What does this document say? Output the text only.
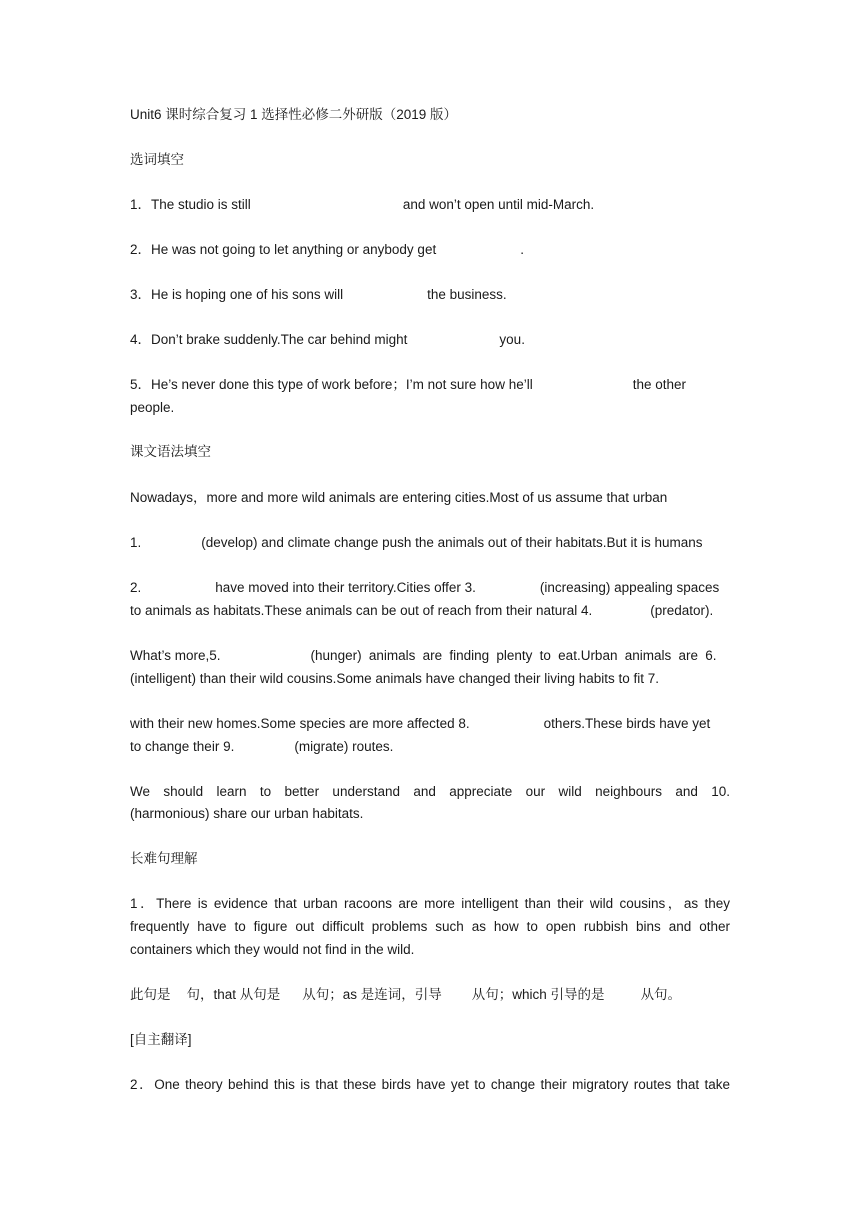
Unit6 课时综合复习 1 选择性必修二外研版（2019 版）
选词填空
1．The studio is still	and won’t open until mid-March.
2．He was not going to let anything or anybody get	.
3．He is hoping one of his sons will	the business.
4．Don’t brake suddenly.The car behind might	you.
5．He’s never done this type of work before；I’m not sure how he’ll	the other
people.
课文语法填空
Nowadays，more and more wild animals are entering cities.Most of us assume that urban
1.	(develop) and climate change push the animals out of their habitats.But it is humans
2.	have moved into their territory.Cities offer 3.	(increasing) appealing spaces
to animals as habitats.These animals can be out of reach from their natural 4.	(predator).
What’s more,5.	(hunger) animals are finding plenty to eat.Urban animals are 6.
(intelligent) than their wild cousins.Some animals have changed their living habits to fit 7.
with their new homes.Some species are more affected 8.	others.These birds have yet
to change their 9.	(migrate) routes.
We should learn to better understand and appreciate our wild neighbours and 10.
(harmonious) share our urban habitats.
长难句理解
1．There is evidence that urban racoons are more intelligent than their wild cousins，as they
frequently have to figure out difficult problems such as how to open rubbish bins and other
containers which they would not find in the wild.
此句是 句，that 从句是 从句；as 是连词，引导 从句；which 引导的是	从句。
[自主翻译]
2．One theory behind this is that these birds have yet to change their migratory routes that take
